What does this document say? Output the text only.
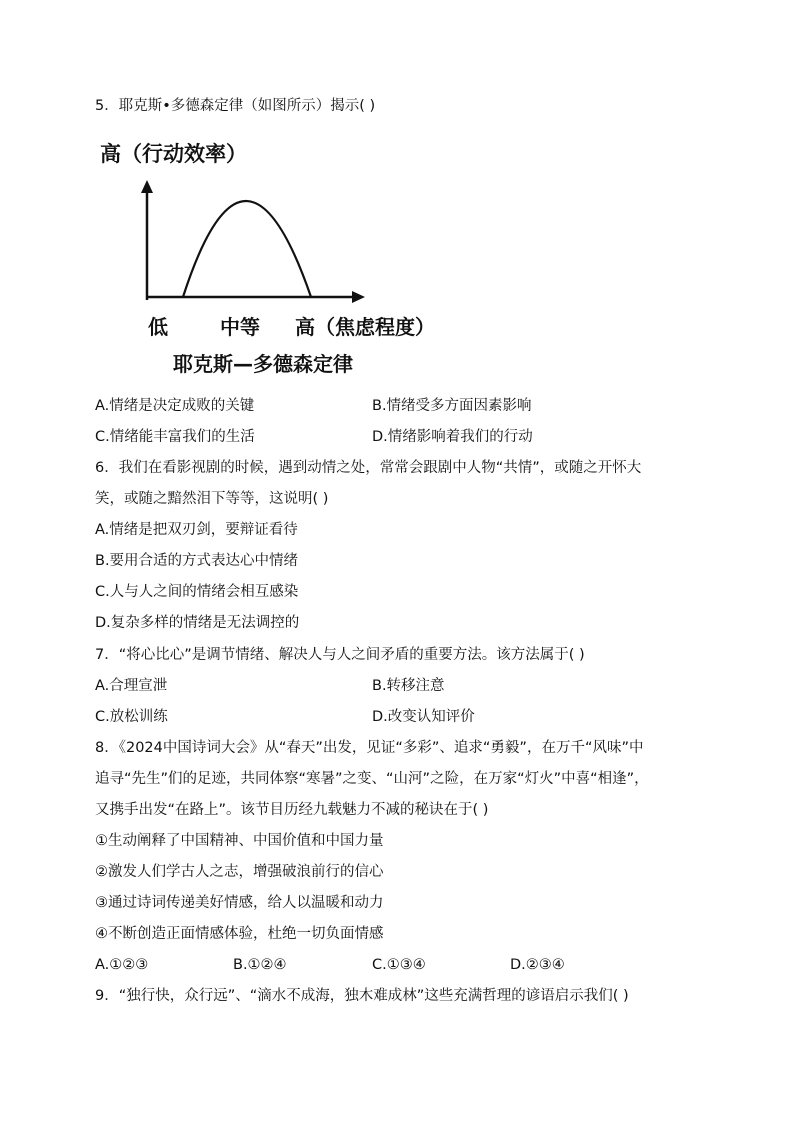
5．耶克斯•多德森定律（如图所示）揭示( )
高（行动效率）
低	中等 高（焦虑程度）
耶克斯—多德森定律
A.情绪是决定成败的关键	B.情绪受多方面因素影响
C.情绪能丰富我们的生活	D.情绪影响着我们的行动
6．我们在看影视剧的时候，遇到动情之处，常常会跟剧中人物“共情”，或随之开怀大
笑，或随之黯然泪下等等，这说明( )
A.情绪是把双刃剑，要辩证看待
B.要用合适的方式表达心中情绪
C.人与人之间的情绪会相互感染
D.复杂多样的情绪是无法调控的
7．“将心比心”是调节情绪、解决人与人之间矛盾的重要方法。该方法属于( )
A.合理宣泄	B.转移注意
C.放松训练	D.改变认知评价
8．《2024中国诗词大会》从“春天”出发，见证“多彩”、追求“勇毅”，在万千“风味”中
追寻“先生”们的足迹，共同体察“寒暑”之变、“山河”之险，在万家“灯火”中喜“相逢”，
又携手出发“在路上”。该节目历经九载魅力不减的秘诀在于( )
①生动阐释了中国精神、中国价值和中国力量
②激发人们学古人之志，增强破浪前行的信心
③通过诗词传递美好情感，给人以温暖和动力
④不断创造正面情感体验，杜绝一切负面情感
A.①②③	B.①②④	C.①③④	D.②③④
9．“独行快，众行远”、“滴水不成海，独木难成林”这些充满哲理的谚语启示我们( )
